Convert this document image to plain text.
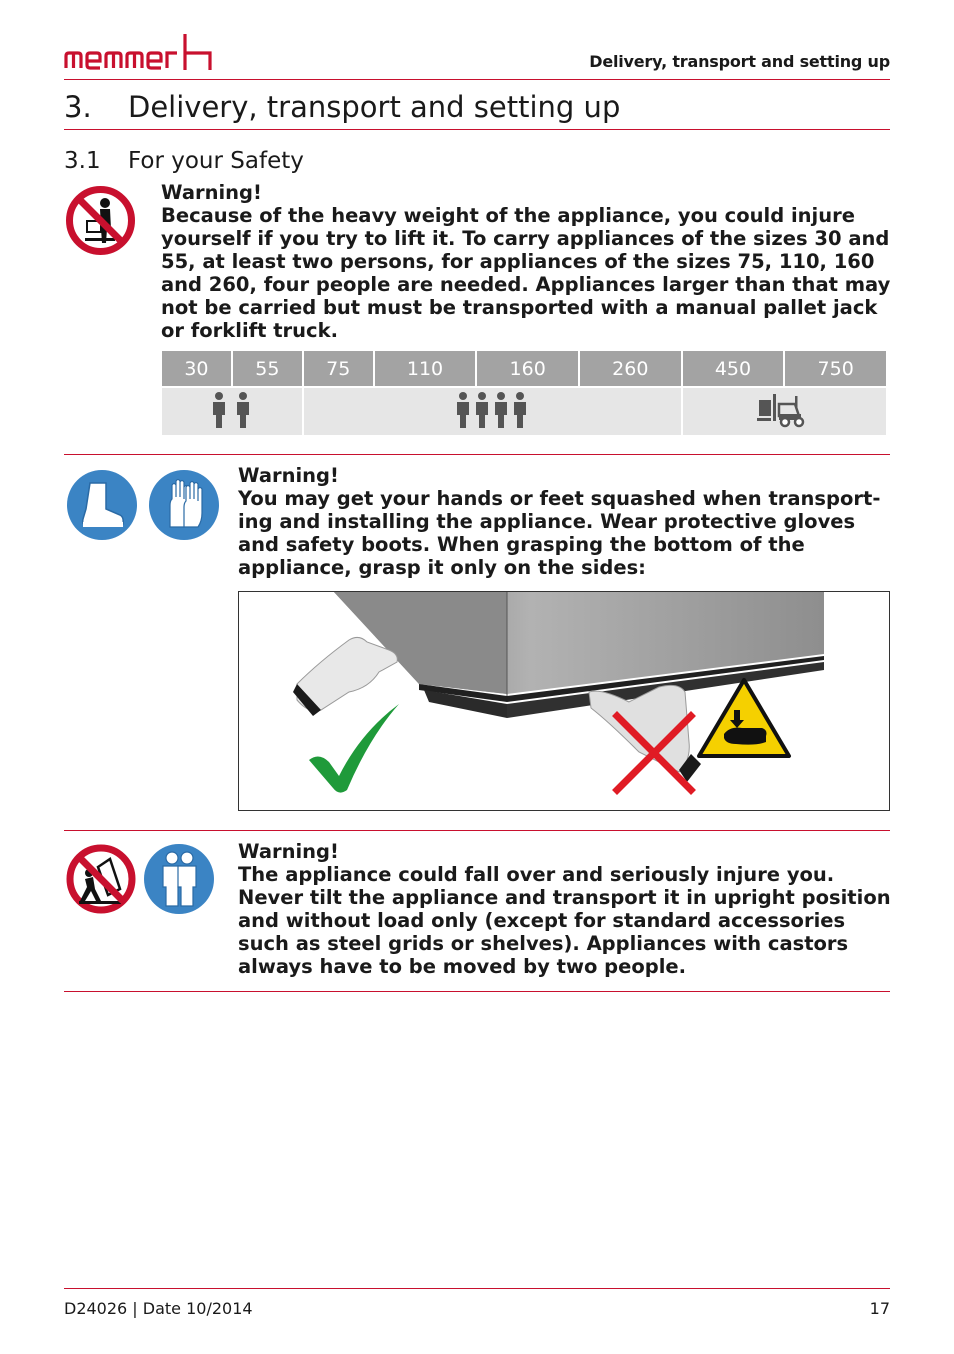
Delivery, transport and setting up
3. Delivery, transport and setting up
3.1 For your Safety
Warning!
Because of the heavy weight of the appliance, you could injure yourself if you try to lift it. To carry appliances of the sizes 30 and 55, at least two persons, for appliances of the sizes 75, 110, 160 and 260, four people are needed. Appliances larger than that may not be carried but must be transported with a manual pallet jack or forklift truck.
30	55	75	110	160	260	450	750

Warning!
You may get your hands or feet squashed when transport-ing and installing the appliance. Wear protective gloves and safety boots. When grasping the bottom of the appliance, grasp it only on the sides:
Warning!
The appliance could fall over and seriously injure you. Never tilt the appliance and transport it in upright position and without load only (except for standard accessories such as steel grids or shelves). Appliances with castors always have to be moved by two people.
D24026 | Date 10/2014	17
